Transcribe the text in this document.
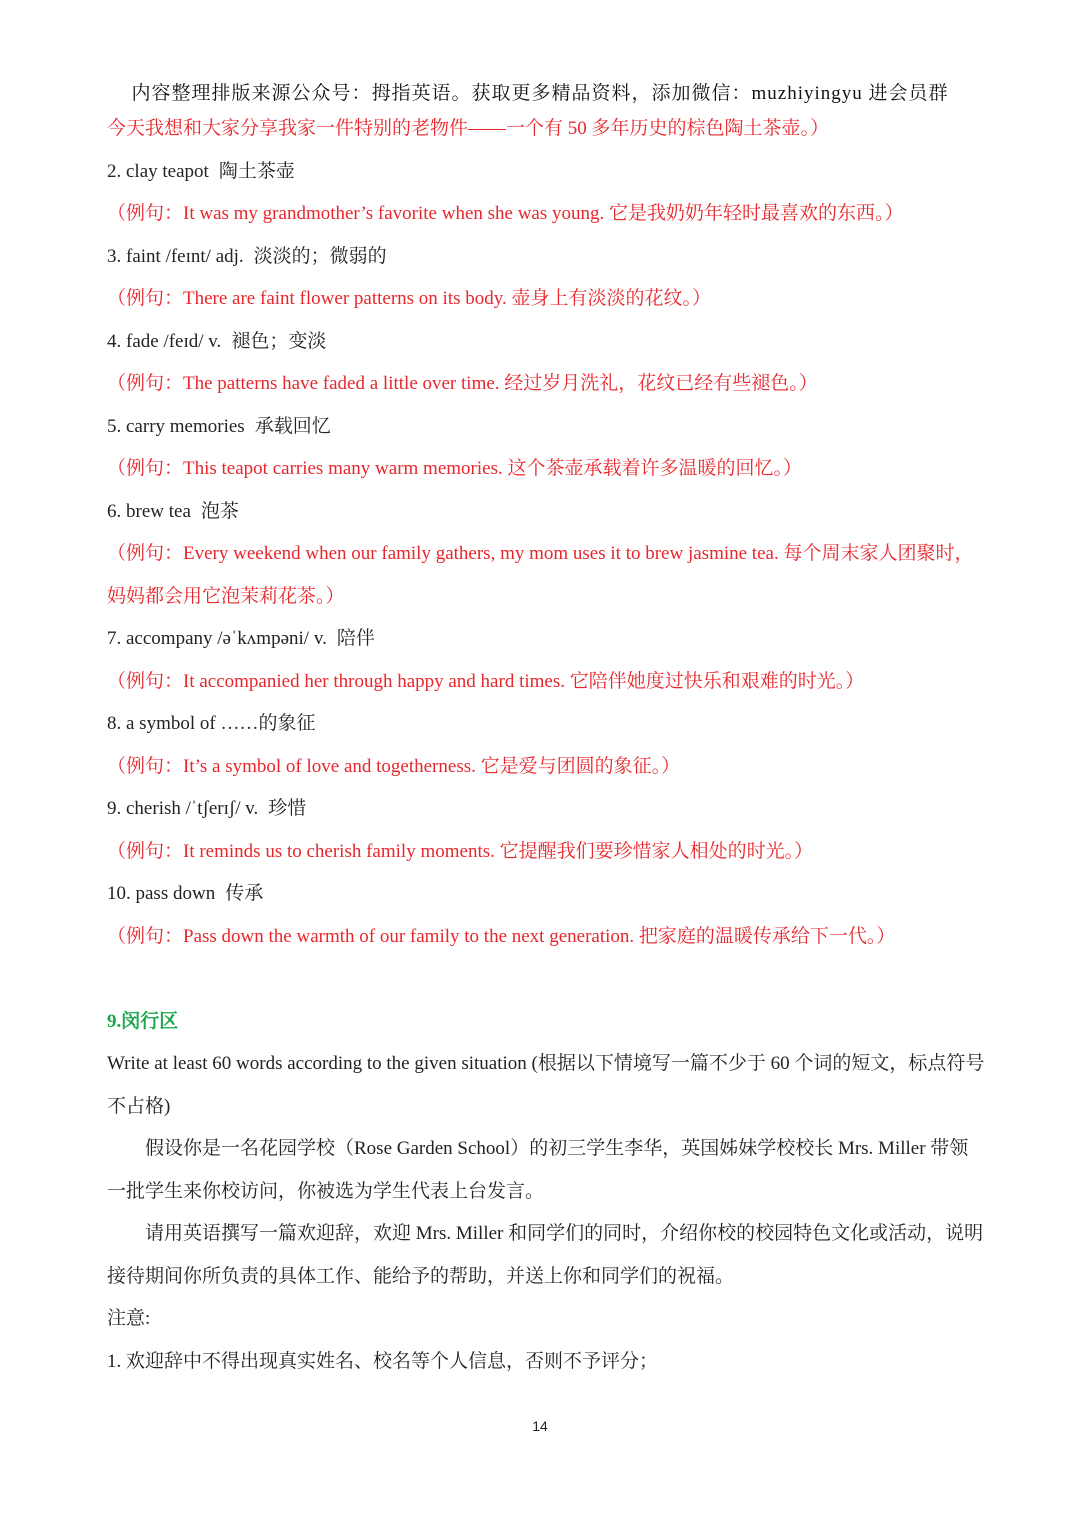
内容整理排版来源公众号：拇指英语。获取更多精品资料，添加微信：muzhiyingyu 进会员群
今天我想和大家分享我家一件特别的老物件——一个有 50 多年历史的棕色陶土茶壶。）
2. clay teapot 陶土茶壶
（例句：It was my grandmother’s favorite when she was young. 它是我奶奶年轻时最喜欢的东西。）
3. faint /feɪnt/ adj. 淡淡的；微弱的
（例句：There are faint flower patterns on its body. 壶身上有淡淡的花纹。）
4. fade /feɪd/ v. 褪色；变淡
（例句：The patterns have faded a little over time. 经过岁月洗礼，花纹已经有些褪色。）
5. carry memories 承载回忆
（例句：This teapot carries many warm memories. 这个茶壶承载着许多温暖的回忆。）
6. brew tea 泡茶
（例句：Every weekend when our family gathers, my mom uses it to brew jasmine tea. 每个周末家人团聚时，妈妈都会用它泡茉莉花茶。）
7. accompany /əˈkʌmpəni/ v. 陪伴
（例句：It accompanied her through happy and hard times. 它陪伴她度过快乐和艰难的时光。）
8. a symbol of ……的象征
（例句：It’s a symbol of love and togetherness. 它是爱与团圆的象征。）
9. cherish /ˈtʃerɪʃ/ v. 珍惜
（例句：It reminds us to cherish family moments. 它提醒我们要珍惜家人相处的时光。）
10. pass down 传承
（例句：Pass down the warmth of our family to the next generation. 把家庭的温暖传承给下一代。）
9.闵行区
Write at least 60 words according to the given situation (根据以下情境写一篇不少于 60 个词的短文，标点符号不占格)
假设你是一名花园学校（Rose Garden School）的初三学生李华，英国姊妹学校校长 Mrs. Miller 带领一批学生来你校访问，你被选为学生代表上台发言。
请用英语撰写一篇欢迎辞，欢迎 Mrs. Miller 和同学们的同时，介绍你校的校园特色文化或活动，说明接待期间你所负责的具体工作、能给予的帮助，并送上你和同学们的祝福。
注意:
1. 欢迎辞中不得出现真实姓名、校名等个人信息，否则不予评分；
14
